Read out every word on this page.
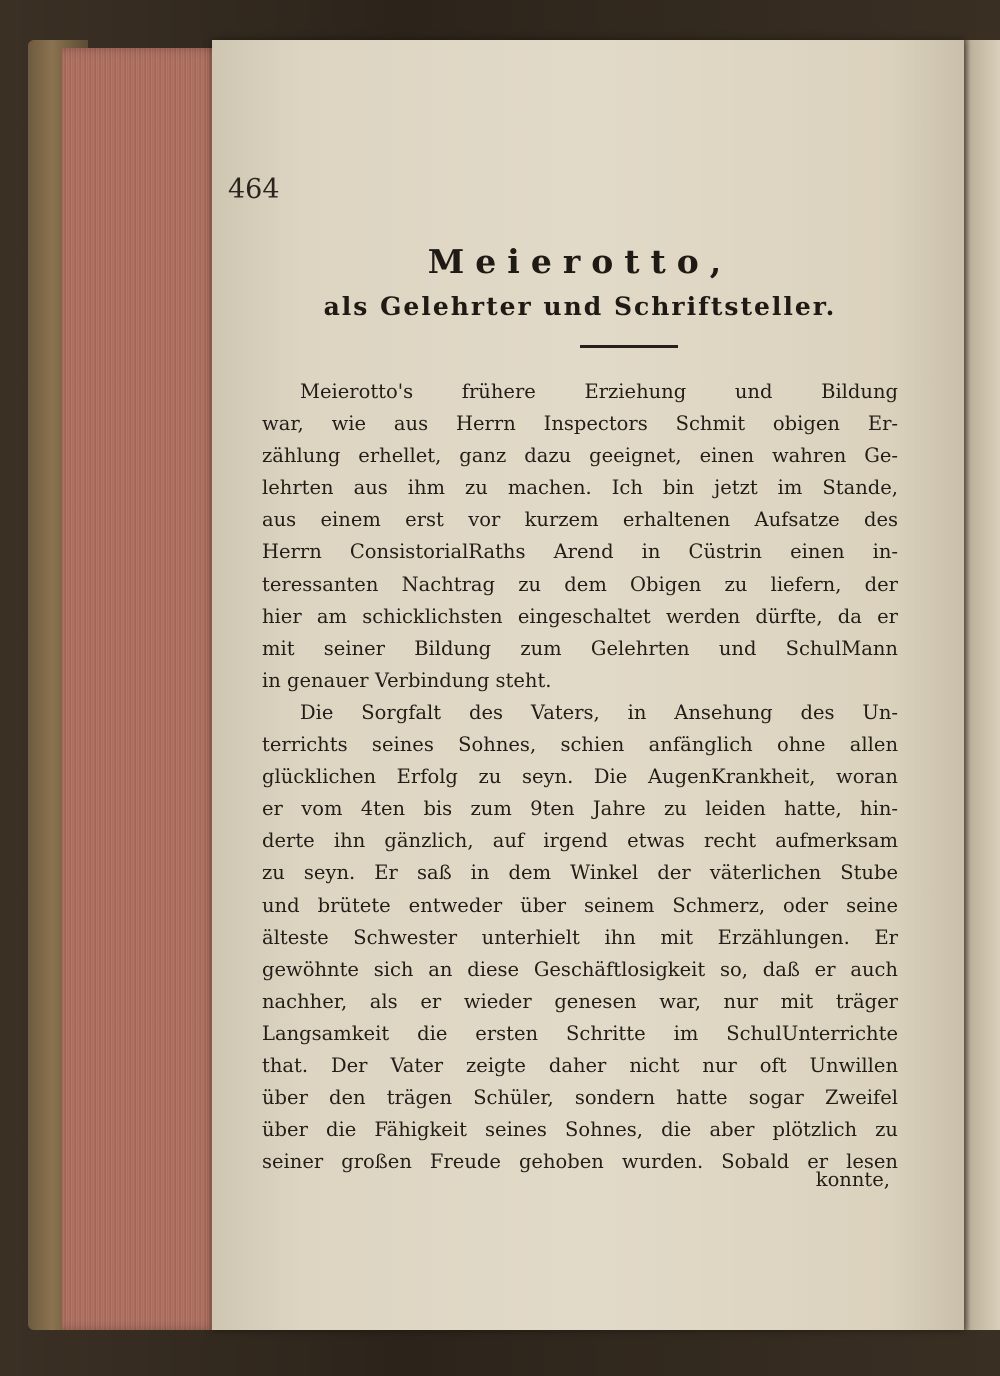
464
Meierotto,
als Gelehrter und Schriftsteller.
Meierotto's frühere Erziehung und Bildung
war, wie aus Herrn Inspectors Schmit obigen Er-
zählung erhellet, ganz dazu geeignet, einen wahren Ge-
lehrten aus ihm zu machen. Ich bin jetzt im Stande,
aus einem erst vor kurzem erhaltenen Aufsatze des
Herrn ConsistorialRaths Arend in Cüstrin einen in-
teressanten Nachtrag zu dem Obigen zu liefern, der
hier am schicklichsten eingeschaltet werden dürfte, da er
mit seiner Bildung zum Gelehrten und SchulMann
in genauer Verbindung steht.
Die Sorgfalt des Vaters, in Ansehung des Un-
terrichts seines Sohnes, schien anfänglich ohne allen
glücklichen Erfolg zu seyn. Die AugenKrankheit, woran
er vom 4ten bis zum 9ten Jahre zu leiden hatte, hin-
derte ihn gänzlich, auf irgend etwas recht aufmerksam
zu seyn. Er saß in dem Winkel der väterlichen Stube
und brütete entweder über seinem Schmerz, oder seine
älteste Schwester unterhielt ihn mit Erzählungen. Er
gewöhnte sich an diese Geschäftlosigkeit so, daß er auch
nachher, als er wieder genesen war, nur mit träger
Langsamkeit die ersten Schritte im SchulUnterrichte
that. Der Vater zeigte daher nicht nur oft Unwillen
über den trägen Schüler, sondern hatte sogar Zweifel
über die Fähigkeit seines Sohnes, die aber plötzlich zu
seiner großen Freude gehoben wurden. Sobald er lesen
konnte,
